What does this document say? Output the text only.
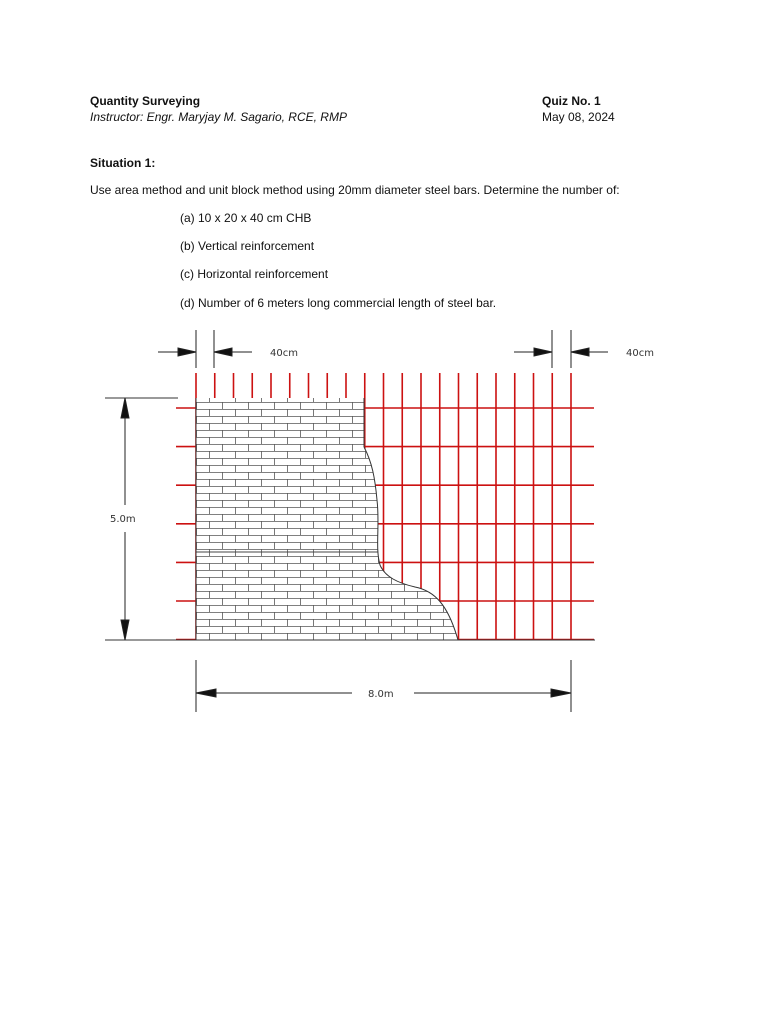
Quantity Surveying
Instructor: Engr. Maryjay M. Sagario, RCE, RMP
Quiz No. 1
May 08, 2024
Situation 1:
Use area method and unit block method using 20mm diameter steel bars. Determine the number of:
(a) 10 x 20 x 40 cm CHB
(b) Vertical reinforcement
(c) Horizontal reinforcement
(d) Number of 6 meters long commercial length of steel bar.
40cm	40cm
5.0m
8.0m
